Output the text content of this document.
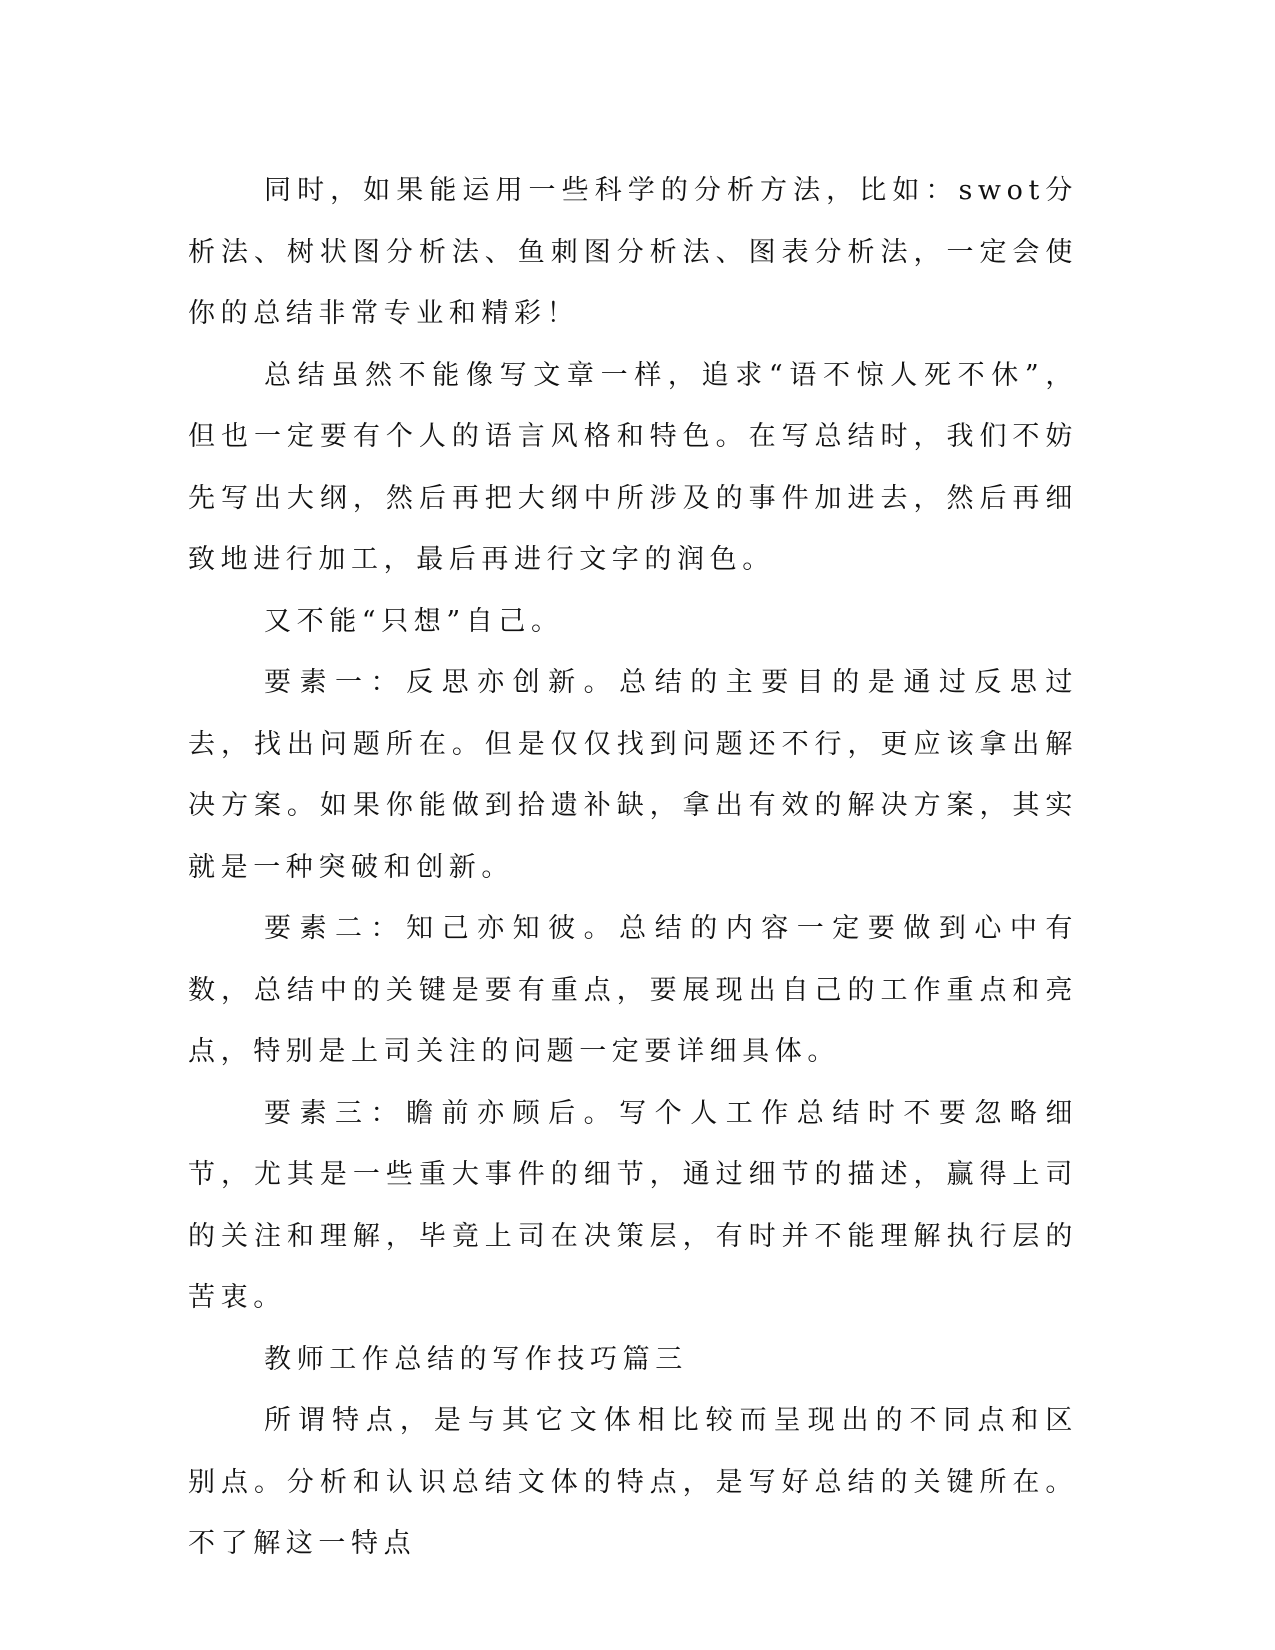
同时，如果能运用一些科学的分析方法，比如：swot分析法、树状图分析法、鱼刺图分析法、图表分析法，一定会使你的总结非常专业和精彩！

总结虽然不能像写文章一样，追求“语不惊人死不休”，但也一定要有个人的语言风格和特色。在写总结时，我们不妨先写出大纲，然后再把大纲中所涉及的事件加进去，然后再细致地进行加工，最后再进行文字的润色。

又不能“只想”自己。

要素一：反思亦创新。总结的主要目的是通过反思过去，找出问题所在。但是仅仅找到问题还不行，更应该拿出解决方案。如果你能做到拾遗补缺，拿出有效的解决方案，其实就是一种突破和创新。

要素二：知己亦知彼。总结的内容一定要做到心中有数，总结中的关键是要有重点，要展现出自己的工作重点和亮点，特别是上司关注的问题一定要详细具体。

要素三：瞻前亦顾后。写个人工作总结时不要忽略细节，尤其是一些重大事件的细节，通过细节的描述，赢得上司的关注和理解，毕竟上司在决策层，有时并不能理解执行层的苦衷。

教师工作总结的写作技巧篇三

所谓特点，是与其它文体相比较而呈现出的不同点和区别点。分析和认识总结文体的特点，是写好总结的关键所在。不了解这一特点
